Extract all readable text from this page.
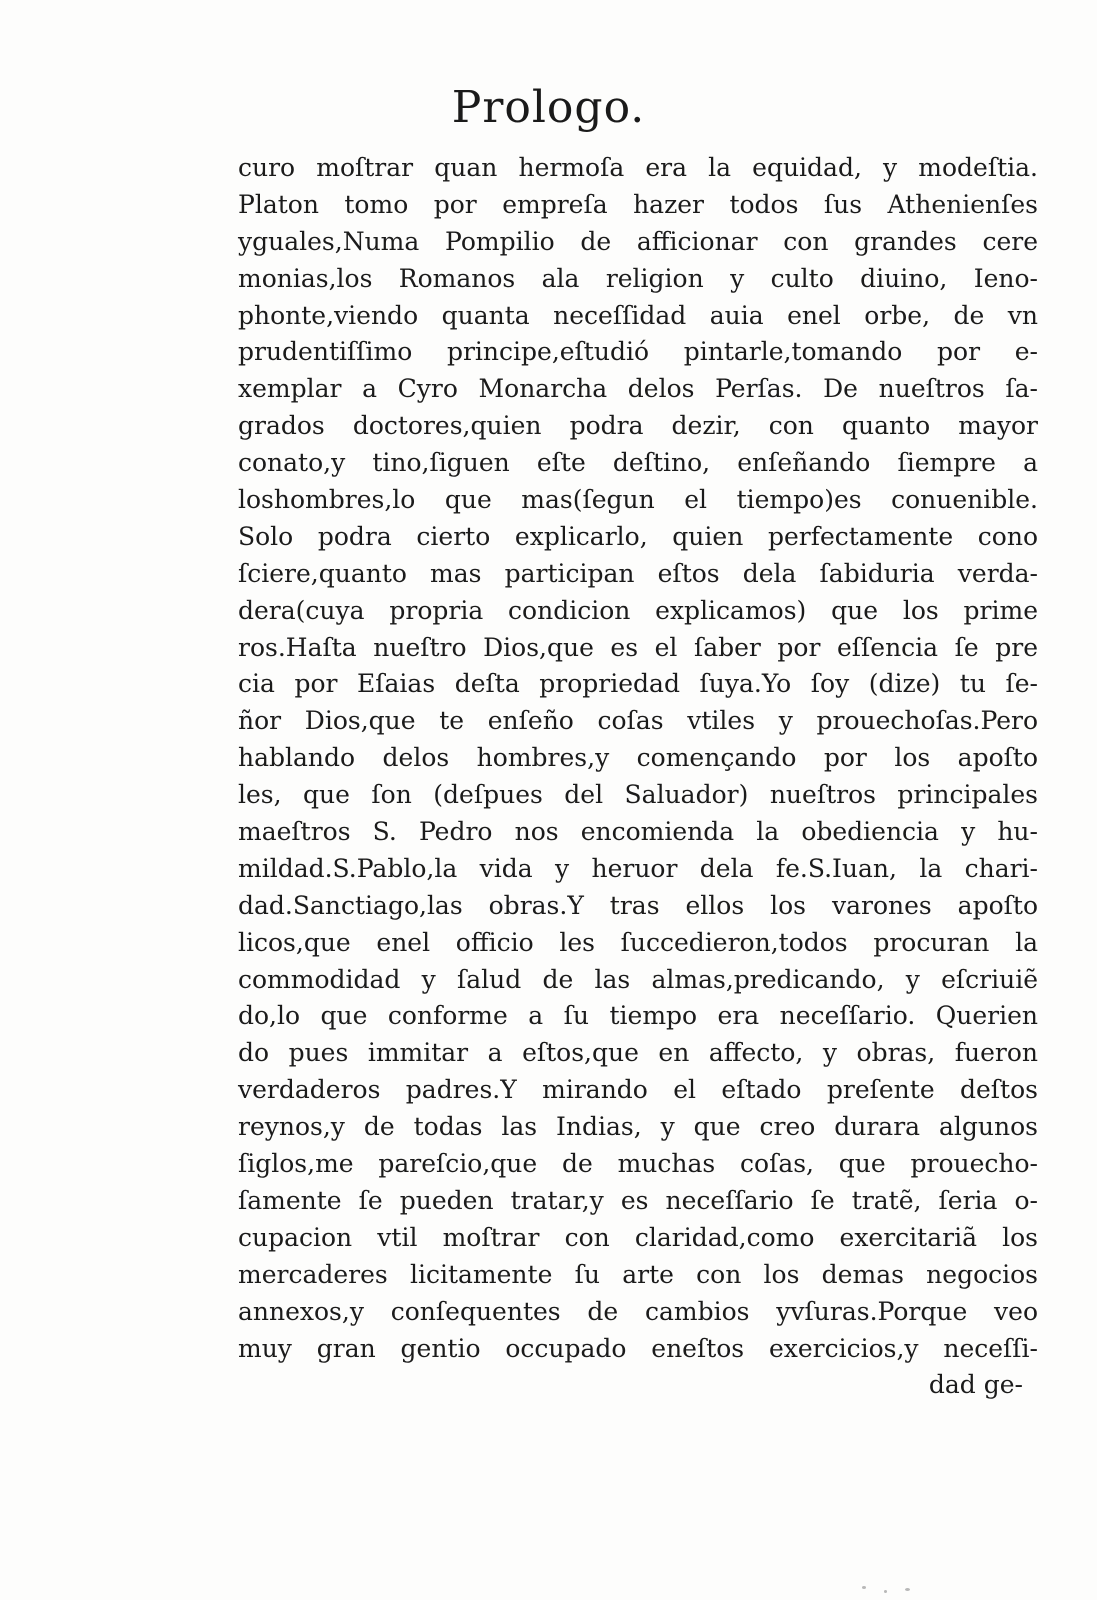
Prologo.
curo moſtrar quan hermoſa era la equidad, y modeſtia.
Platon tomo por empreſa hazer todos ſus Athenienſes
yguales,Numa Pompilio de afficionar con grandes cere
monias,los Romanos ala religion y culto diuino, Ieno-
phonte,viendo quanta neceſſidad auia enel orbe, de vn
prudentiſſimo principe,eſtudió pintarle,tomando por e-
xemplar a Cyro Monarcha delos Perſas. De nueſtros ſa-
grados doctores,quien podra dezir, con quanto mayor
conato,y tino,ſiguen eſte deſtino, enſeñando ſiempre a
loshombres,lo que mas(ſegun el tiempo)es conuenible.
Solo podra cierto explicarlo, quien perfectamente cono
ſciere,quanto mas participan eſtos dela ſabiduria verda-
dera(cuya propria condicion explicamos) que los prime
ros.Haſta nueſtro Dios,que es el ſaber por eſſencia ſe pre
cia por Eſaias deſta propriedad ſuya.Yo ſoy (dize) tu ſe-
ñor Dios,que te enſeño coſas vtiles y prouechoſas.Pero
hablando delos hombres,y començando por los apoſto
les, que ſon (deſpues del Saluador) nueſtros principales
maeſtros S. Pedro nos encomienda la obediencia y hu-
mildad.S.Pablo,la vida y heruor dela fe.S.Iuan, la chari-
dad.Sanctiago,las obras.Y tras ellos los varones apoſto
licos,que enel officio les ſuccedieron,todos procuran la
commodidad y ſalud de las almas,predicando, y eſcriuiẽ
do,lo que conforme a ſu tiempo era neceſſario. Querien
do pues immitar a eſtos,que en affecto, y obras, fueron
verdaderos padres.Y mirando el eſtado preſente deſtos
reynos,y de todas las Indias, y que creo durara algunos
ſiglos,me pareſcio,que de muchas coſas, que prouecho-
ſamente ſe pueden tratar,y es neceſſario ſe tratẽ, ſeria o-
cupacion vtil moſtrar con claridad,como exercitariã los
mercaderes licitamente ſu arte con los demas negocios
annexos,y conſequentes de cambios yvſuras.Porque veo
muy gran gentio occupado eneſtos exercicios,y neceſſi-
dad ge-
